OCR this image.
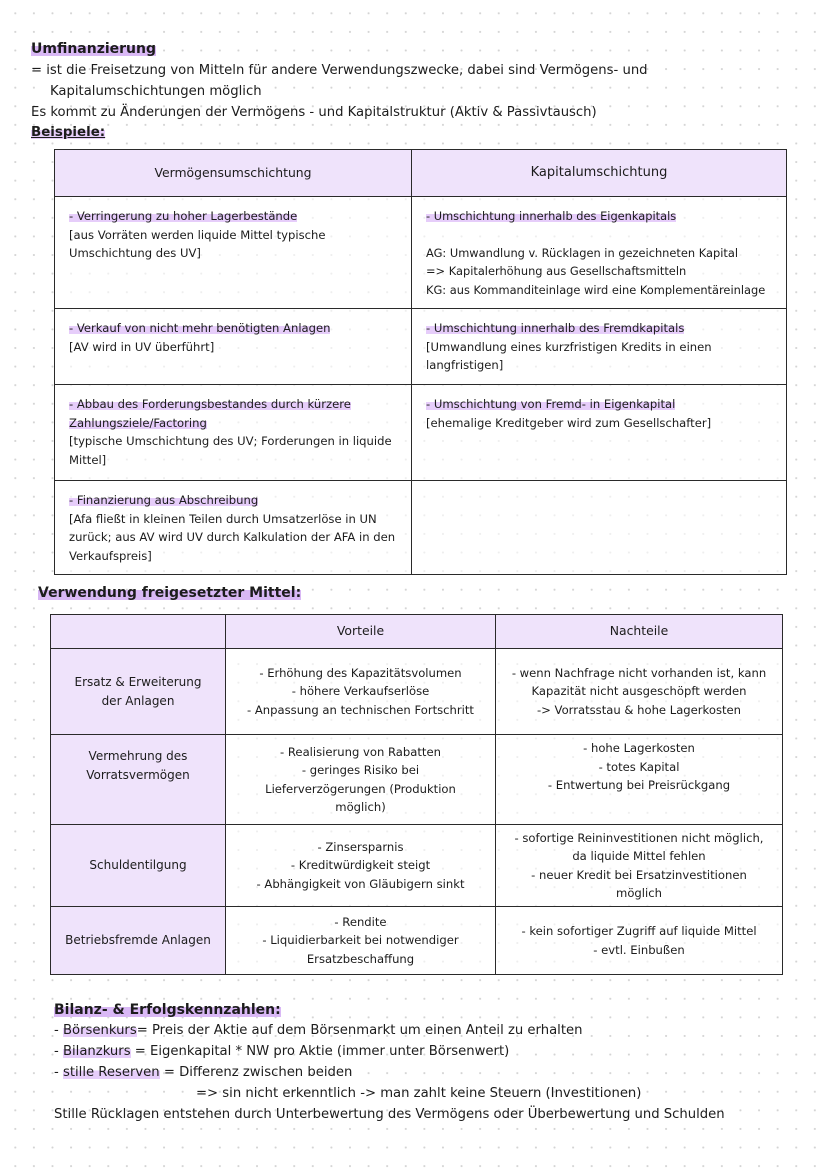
Umfinanzierung
= ist die Freisetzung von Mitteln für andere Verwendungszwecke, dabei sind Vermögens- und
Kapitalumschichtungen möglich
Es kommt zu Änderungen der Vermögens - und Kapitalstruktur (Aktiv & Passivtausch)
Beispiele:
Vermögensumschichtung	Kapitalumschichtung
- Verringerung zu hoher Lagerbestände
[aus Vorräten werden liquide Mittel typische Umschichtung des UV]	- Umschichtung innerhalb des Eigenkapitals
AG: Umwandlung v. Rücklagen in gezeichneten Kapital
=> Kapitalerhöhung aus Gesellschaftsmitteln
KG: aus Kommanditeinlage wird eine Komplementäreinlage

- Verkauf von nicht mehr benötigten Anlagen
[AV wird in UV überführt]	- Umschichtung innerhalb des Fremdkapitals
[Umwandlung eines kurzfristigen Kredits in einen langfristigen]

- Abbau des Forderungsbestandes durch kürzere Zahlungsziele/Factoring
[typische Umschichtung des UV; Forderungen in liquide Mittel]	- Umschichtung von Fremd- in Eigenkapital
[ehemalige Kreditgeber wird zum Gesellschafter]

- Finanzierung aus Abschreibung
[Afa fließt in kleinen Teilen durch Umsatzerlöse in UN zurück; aus AV wird UV durch Kalkulation der AFA in den Verkaufspreis]	

Verwendung freigesetzter Mittel:
	Vorteile	Nachteile

Ersatz & Erweiterung
der Anlagen	- Erhöhung des Kapazitätsvolumen
- höhere Verkaufserlöse
- Anpassung an technischen Fortschritt	- wenn Nachfrage nicht vorhanden ist, kann
Kapazität nicht ausgeschöpft werden
-> Vorratsstau & hohe Lagerkosten

Vermehrung des
Vorratsvermögen	- Realisierung von Rabatten
- geringes Risiko bei
Lieferverzögerungen (Produktion
möglich)	- hohe Lagerkosten
- totes Kapital
- Entwertung bei Preisrückgang

Schuldentilgung	- Zinsersparnis
- Kreditwürdigkeit steigt
- Abhängigkeit von Gläubigern sinkt	- sofortige Reininvestitionen nicht möglich,
da liquide Mittel fehlen
- neuer Kredit bei Ersatzinvestitionen
möglich

Betriebsfremde Anlagen	- Rendite
- Liquidierbarkeit bei notwendiger
Ersatzbeschaffung	- kein sofortiger Zugriff auf liquide Mittel
- evtl. Einbußen
Bilanz- & Erfolgskennzahlen:
- Börsenkurs= Preis der Aktie auf dem Börsenmarkt um einen Anteil zu erhalten
- Bilanzkurs = Eigenkapital * NW pro Aktie (immer unter Börsenwert)
- stille Reserven = Differenz zwischen beiden
=> sin nicht erkenntlich -> man zahlt keine Steuern (Investitionen)
Stille Rücklagen entstehen durch Unterbewertung des Vermögens oder Überbewertung und Schulden
